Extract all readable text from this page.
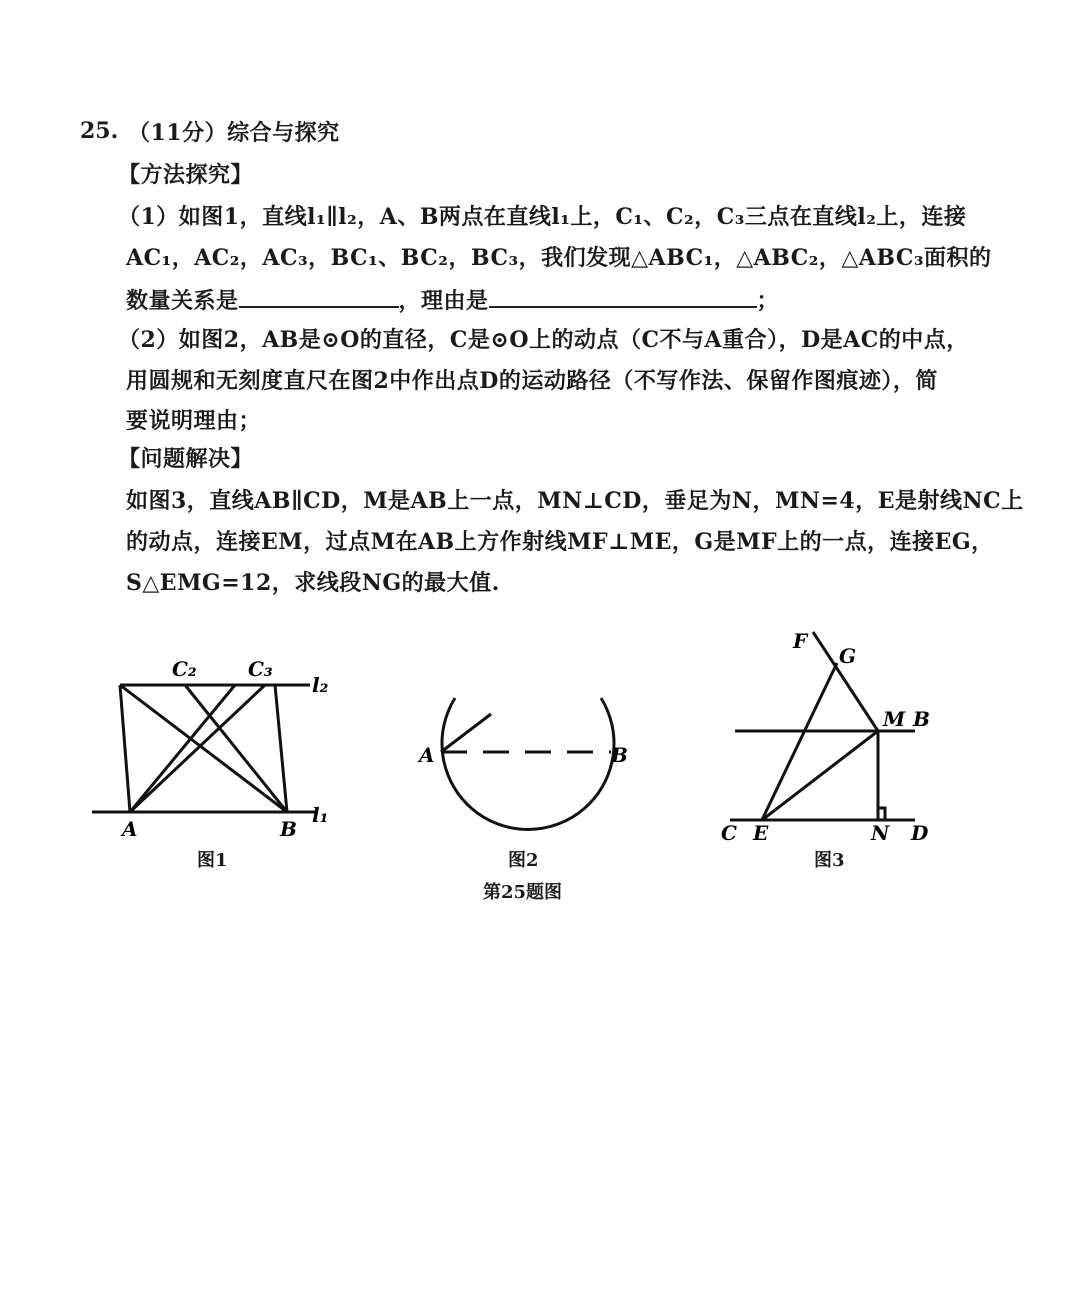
25. （11分）综合与探究
【方法探究】
（1）如图1，直线l₁∥l₂，A、B两点在直线l₁上，C₁、C₂，C₃三点在直线l₂上，连接
AC₁，AC₂，AC₃，BC₁、BC₂，BC₃，我们发现△ABC₁，△ABC₂，△ABC₃面积的
数量关系是	，理由是	；
（2）如图2，AB是⊙O的直径，C是⊙O上的动点（C不与A重合），D是AC的中点，
用圆规和无刻度直尺在图2中作出点D的运动路径（不写作法、保留作图痕迹），简
要说明理由；
【问题解决】
如图3，直线AB∥CD，M是AB上一点，MN⊥CD，垂足为N，MN=4，E是射线NC上
的动点，连接EM，过点M在AB上方作射线MF⊥ME，G是MF上的一点，连接EG，
S△EMG=12，求线段NG的最大值.
C₂	C₃
l₂
A	B
l₁
图1
A	B
图2
第25题图
F
G
M B
C E	N D
图3
